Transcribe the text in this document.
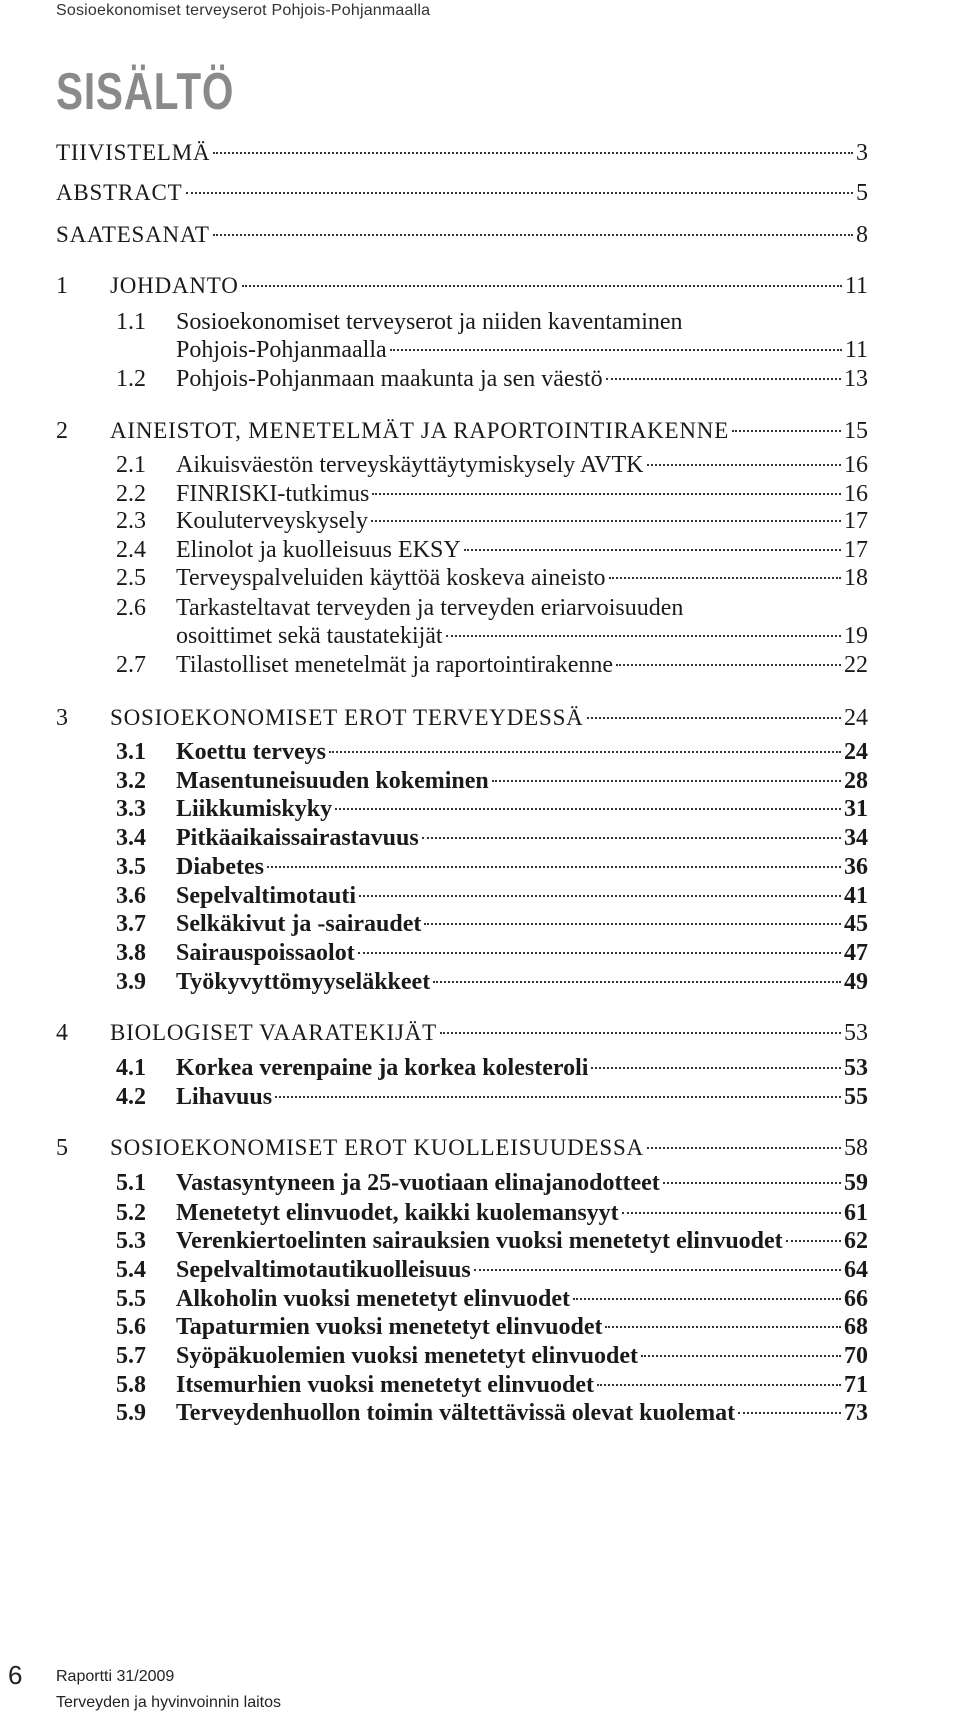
Sosioekonomiset terveyserot Pohjois-Pohjanmaalla
SISÄLTÖ
TIIVISTELMÄ	3
ABSTRACT	5
SAATESANAT	8
1 JOHDANTO	11
1.1 Sosioekonomiset terveyserot ja niiden kaventaminen
Pohjois-Pohjanmaalla	11
1.2 Pohjois-Pohjanmaan maakunta ja sen väestö	13
2 AINEISTOT, MENETELMÄT JA RAPORTOINTIRAKENNE	15
2.1 Aikuisväestön terveyskäyttäytymiskysely AVTK	16
2.2 FINRISKI-tutkimus	16
2.3 Kouluterveyskysely	17
2.4 Elinolot ja kuolleisuus EKSY	17
2.5 Terveyspalveluiden käyttöä koskeva aineisto	18
2.6 Tarkasteltavat terveyden ja terveyden eriarvoisuuden
osoittimet sekä taustatekijät	19
2.7 Tilastolliset menetelmät ja raportointirakenne	22
3 SOSIOEKONOMISET EROT TERVEYDESSÄ	24
3.1 Koettu terveys	24
3.2 Masentuneisuuden kokeminen	28
3.3 Liikkumiskyky	31
3.4 Pitkäaikaissairastavuus	34
3.5 Diabetes	36
3.6 Sepelvaltimotauti	41
3.7 Selkäkivut ja -sairaudet	45
3.8 Sairauspoissaolot	47
3.9 Työkyvyttömyyseläkkeet	49
4 BIOLOGISET VAARATEKIJÄT	53
4.1 Korkea verenpaine ja korkea kolesteroli	53
4.2 Lihavuus	55
5 SOSIOEKONOMISET EROT KUOLLEISUUDESSA	58
5.1 Vastasyntyneen ja 25-vuotiaan elinajanodotteet	59
5.2 Menetetyt elinvuodet, kaikki kuolemansyyt	61
5.3 Verenkiertoelinten sairauksien vuoksi menetetyt elinvuodet	62
5.4 Sepelvaltimotautikuolleisuus	64
5.5 Alkoholin vuoksi menetetyt elinvuodet	66
5.6 Tapaturmien vuoksi menetetyt elinvuodet	68
5.7 Syöpäkuolemien vuoksi menetetyt elinvuodet	70
5.8 Itsemurhien vuoksi menetetyt elinvuodet	71
5.9 Terveydenhuollon toimin vältettävissä olevat kuolemat	73
6 Raportti 31/2009
Terveyden ja hyvinvoinnin laitos
